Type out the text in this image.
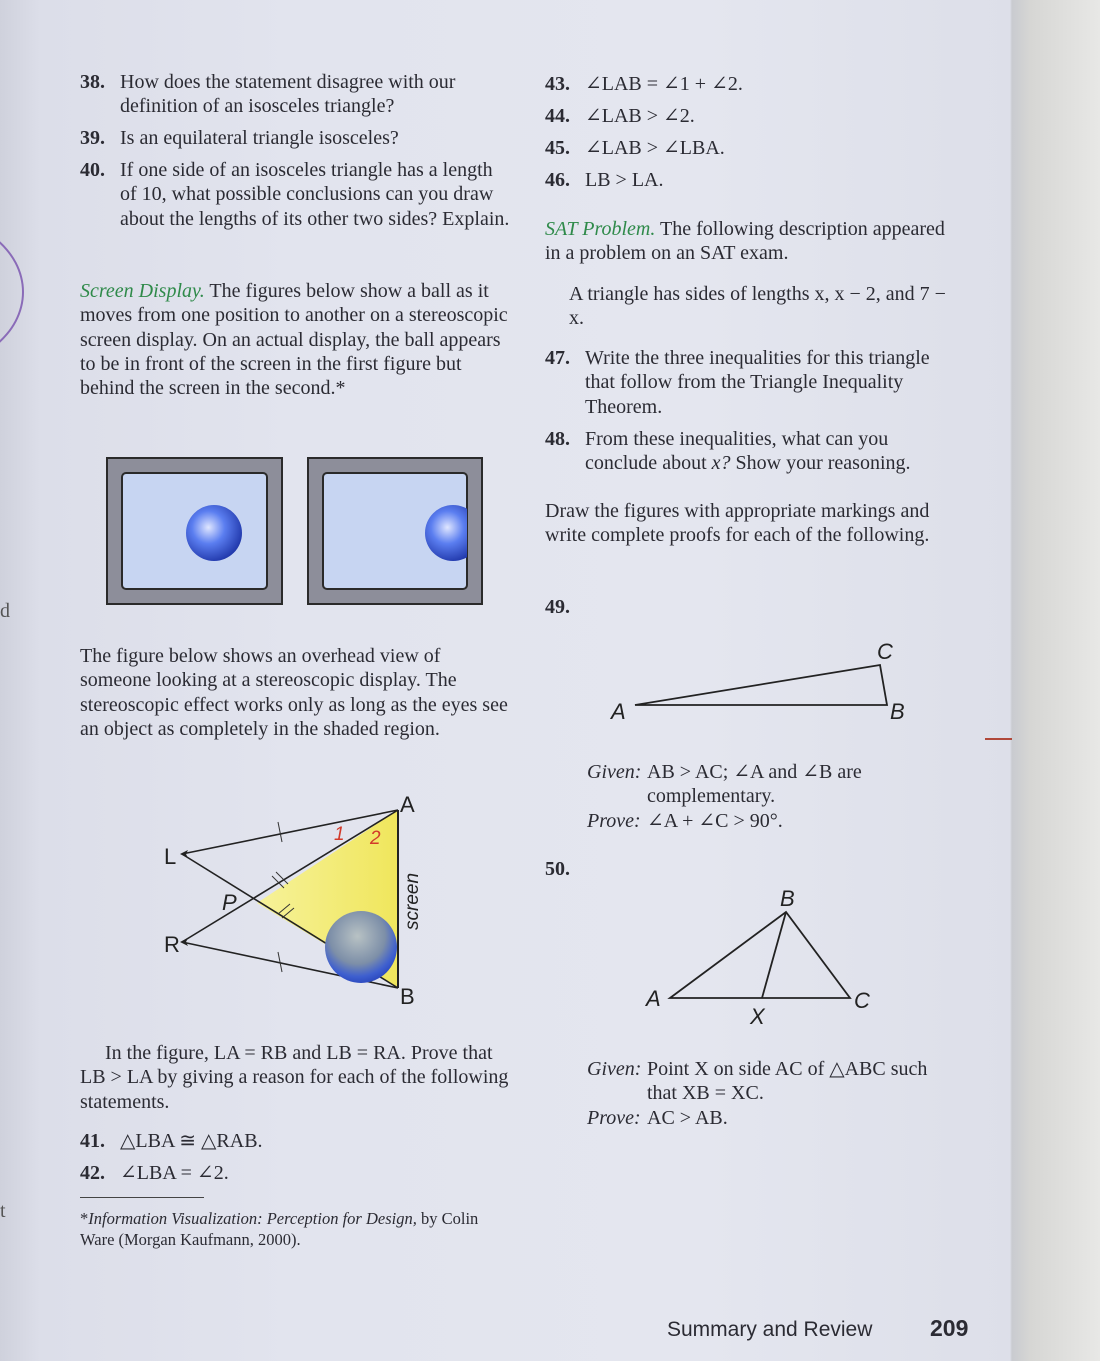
d
t

38. How does the statement disagree with our definition of an isosceles triangle?

39. Is an equilateral triangle isosceles?

40. If one side of an isosceles triangle has a length of 10, what possible conclusions can you draw about the lengths of its other two sides? Explain.

Screen Display. The figures below show a ball as it moves from one position to another on a stereoscopic screen display. On an actual display, the ball appears to be in front of the screen in the first figure but behind the screen in the second.*

The figure below shows an overhead view of someone looking at a stereoscopic display. The stereoscopic effect works only as long as the eyes see an object as completely in the shaded region.

A
B
L
R
P
1 2
screen

In the figure, LA = RB and LB = RA. Prove that LB > LA by giving a reason for each of the following statements.

41. △LBA ≅ △RAB.

42. ∠LBA = ∠2.

*Information Visualization: Perception for Design, by Colin Ware (Morgan Kaufmann, 2000).

43. ∠LAB = ∠1 + ∠2.

44. ∠LAB > ∠2.

45. ∠LAB > ∠LBA.

46. LB > LA.

SAT Problem. The following description appeared in a problem on an SAT exam.

A triangle has sides of lengths x, x − 2, and 7 − x.

47. Write the three inequalities for this triangle that follow from the Triangle Inequality Theorem.

48. From these inequalities, what can you conclude about x? Show your reasoning.

Draw the figures with appropriate markings and write complete proofs for each of the following.

49.
A	B
C

Given: AB > AC; ∠A and ∠B are complementary.

Prove: ∠A + ∠C > 90°.

50.
A
B
C
X

Given: Point X on side AC of △ABC such that XB = XC.

Prove: AC > AB.

Summary and Review	209
